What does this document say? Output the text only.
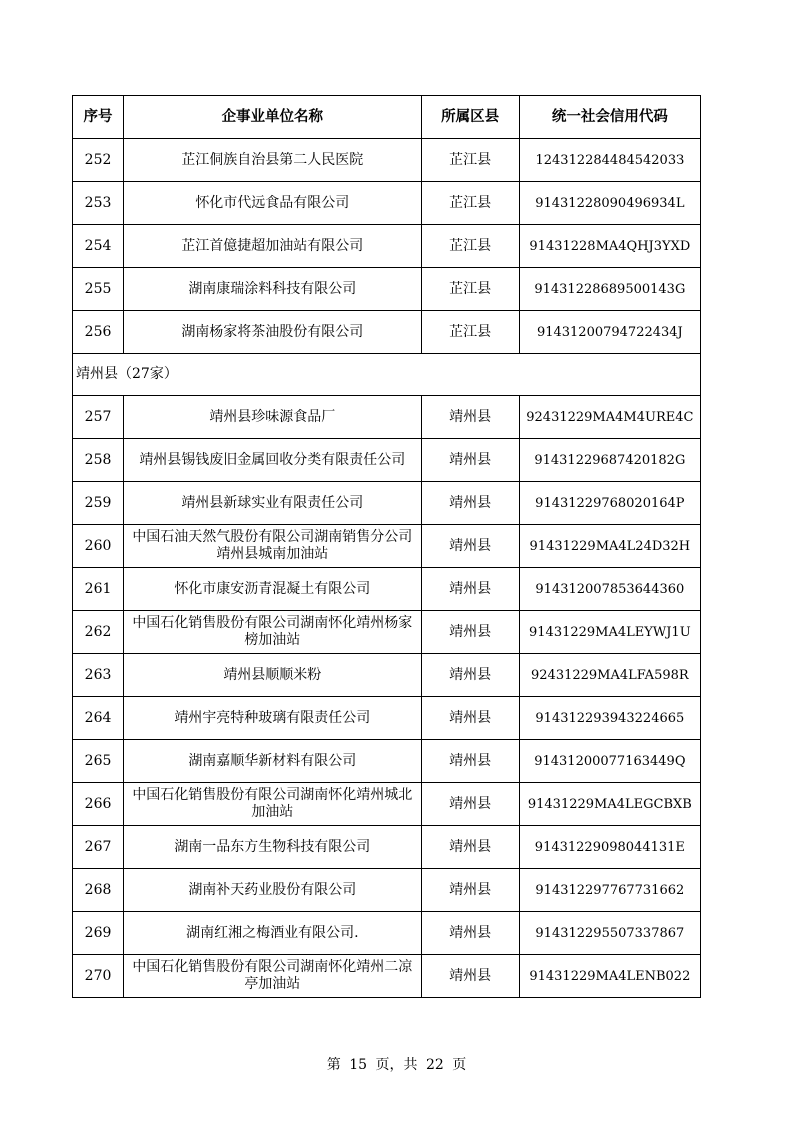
序号	企事业单位名称	所属区县	统一社会信用代码
252	芷江侗族自治县第二人民医院	芷江县	12431228448454203З
253	怀化市代远食品有限公司	芷江县	91431228090496934L
254	芷江首億捷超加油站有限公司	芷江县	91431228MA4QHJ3YXD
255	湖南康瑞涂料科技有限公司	芷江县	91431228689500143G
256	湖南杨家将茶油股份有限公司	芷江县	91431200794722434J
靖州县（27家）			
257	靖州县珍味源食品厂	靖州县	92431229MA4M4URE4C
258	靖州县锡钱废旧金属回收分类有限责任公司	靖州县	91431229687420182G
259	靖州县新球实业有限责任公司	靖州县	91431229768020164P
260	中国石油天然气股份有限公司湖南销售分公司靖州县城南加油站	靖州县	91431229MA4L24D32H
261	怀化市康安沥青混凝土有限公司	靖州县	914312007853644360
262	中国石化销售股份有限公司湖南怀化靖州杨家榜加油站	靖州县	91431229MA4LEYWJ1U
263	靖州县顺顺米粉	靖州县	92431229MA4LFA598R
264	靖州宇亮特种玻璃有限责任公司	靖州县	914312293943224665
265	湖南嘉顺华新材料有限公司	靖州县	91431200077163449Q
266	中国石化销售股份有限公司湖南怀化靖州城北加油站	靖州县	91431229MA4LEGCBXB
267	湖南一品东方生物科技有限公司	靖州县	91431229098044131E
268	湖南补天药业股份有限公司	靖州县	914312297767731662
269	湖南红湘之梅酒业有限公司.	靖州县	914312295507337867
270	中国石化销售股份有限公司湖南怀化靖州二凉亭加油站	靖州县	91431229MA4LENB022
第 15 页，共 22 页
